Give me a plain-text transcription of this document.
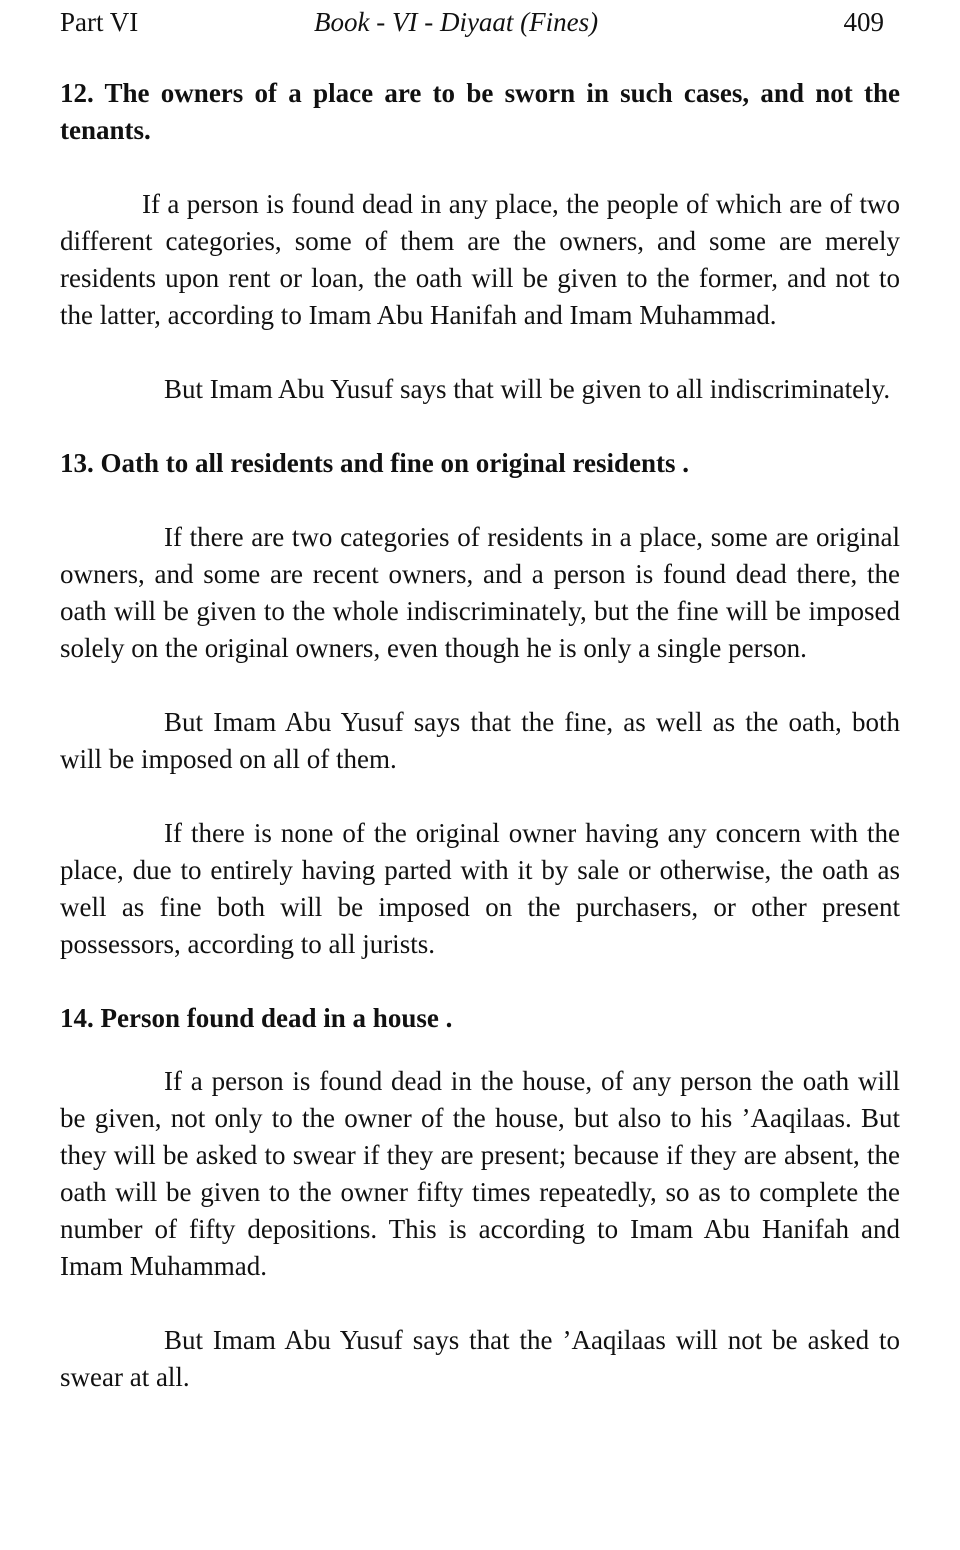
Part VI	Book - VI - Diyaat (Fines)	409
12. The owners of a place are to be sworn in such cases, and not the tenants.

If a person is found dead in any place, the people of which are of two different categories, some of them are the owners, and some are merely residents upon rent or loan, the oath will be given to the former, and not to the latter, according to Imam Abu Hanifah and Imam Muhammad.

But Imam Abu Yusuf says that will be given to all indiscriminately.

13. Oath to all residents and fine on original residents .

If there are two categories of residents in a place, some are original owners, and some are recent owners, and a person is found dead there, the oath will be given to the whole indiscriminately, but the fine will be imposed solely on the original owners, even though he is only a single person.

But Imam Abu Yusuf says that the fine, as well as the oath, both will be imposed on all of them.

If there is none of the original owner having any concern with the place, due to entirely having parted with it by sale or otherwise, the oath as well as fine both will be imposed on the purchasers, or other present possessors, according to all jurists.

14. Person found dead in a house .

If a person is found dead in the house, of any person the oath will be given, not only to the owner of the house, but also to his ’Aaqilaas. But they will be asked to swear if they are present; because if they are absent, the oath will be given to the owner fifty times repeatedly, so as to complete the number of fifty depositions. This is according to Imam Abu Hanifah and Imam Muhammad.

But Imam Abu Yusuf says that the ’Aaqilaas will not be asked to swear at all.
